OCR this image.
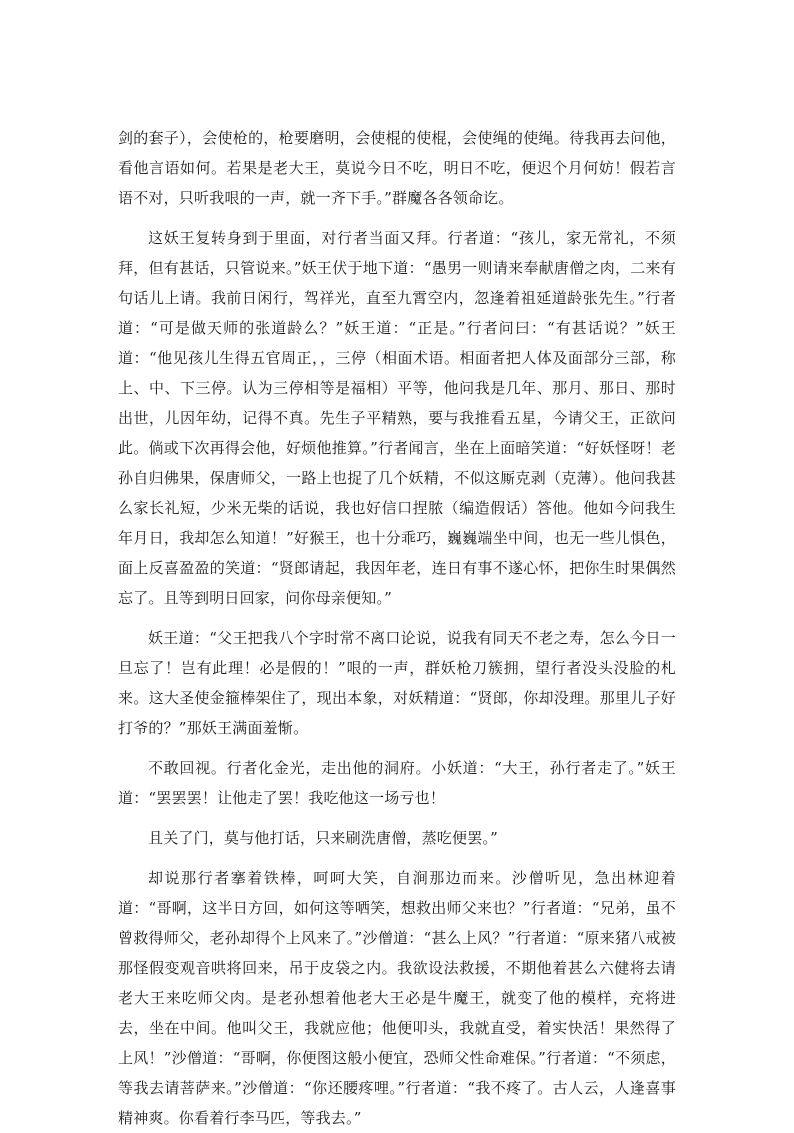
剑的套子），会使枪的，枪要磨明，会使棍的使棍，会使绳的使绳。待我再去问他，看他言语如何。若果是老大王，莫说今日不吃，明日不吃，便迟个月何妨！假若言语不对，只听我哏的一声，就一齐下手。”群魔各各领命讫。

这妖王复转身到于里面，对行者当面又拜。行者道：“孩儿，家无常礼，不须拜，但有甚话，只管说来。”妖王伏于地下道：“愚男一则请来奉献唐僧之肉，二来有句话儿上请。我前日闲行，驾祥光，直至九霄空内，忽逢着祖延道龄张先生。”行者道：“可是做天师的张道龄么？”妖王道：“正是。”行者问曰：“有甚话说？”妖王道：“他见孩儿生得五官周正，，三停（相面术语。相面者把人体及面部分三部，称上、中、下三停。认为三停相等是福相）平等，他问我是几年、那月、那日、那时出世，儿因年幼，记得不真。先生子平精熟，要与我推看五星，今请父王，正欲问此。倘或下次再得会他，好烦他推算。”行者闻言，坐在上面暗笑道：“好妖怪呀！老孙自归佛果，保唐师父，一路上也捉了几个妖精，不似这厮克剥（克薄）。他问我甚么家长礼短，少米无柴的话说，我也好信口捏脓（编造假话）答他。他如今问我生年月日，我却怎么知道！”好猴王，也十分乖巧，巍巍端坐中间，也无一些儿惧色，面上反喜盈盈的笑道：“贤郎请起，我因年老，连日有事不遂心怀，把你生时果偶然忘了。且等到明日回家，问你母亲便知。”

妖王道：“父王把我八个字时常不离口论说，说我有同天不老之寿，怎么今日一旦忘了！岂有此理！必是假的！”哏的一声，群妖枪刀簇拥，望行者没头没脸的札来。这大圣使金箍棒架住了，现出本象，对妖精道：“贤郎，你却没理。那里儿子好打爷的？”那妖王满面羞惭。

不敢回视。行者化金光，走出他的洞府。小妖道：“大王，孙行者走了。”妖王道：“罢罢罢！让他走了罢！我吃他这一场亏也！

且关了门，莫与他打话，只来刷洗唐僧，蒸吃便罢。”

却说那行者搴着铁棒，呵呵大笑，自涧那边而来。沙僧听见，急出林迎着道：“哥啊，这半日方回，如何这等哂笑，想救出师父来也？”行者道：“兄弟，虽不曾救得师父，老孙却得个上风来了。”沙僧道：“甚么上风？”行者道：“原来猪八戒被那怪假变观音哄将回来，吊于皮袋之内。我欲设法救援，不期他着甚么六健将去请老大王来吃师父肉。是老孙想着他老大王必是牛魔王，就变了他的模样，充将进去，坐在中间。他叫父王，我就应他；他便叩头，我就直受，着实快活！果然得了上风！”沙僧道：“哥啊，你便图这般小便宜，恐师父性命难保。”行者道：“不须虑，等我去请菩萨来。”沙僧道：“你还腰疼哩。”行者道：“我不疼了。古人云，人逢喜事精神爽。你看着行李马匹，等我去。”
